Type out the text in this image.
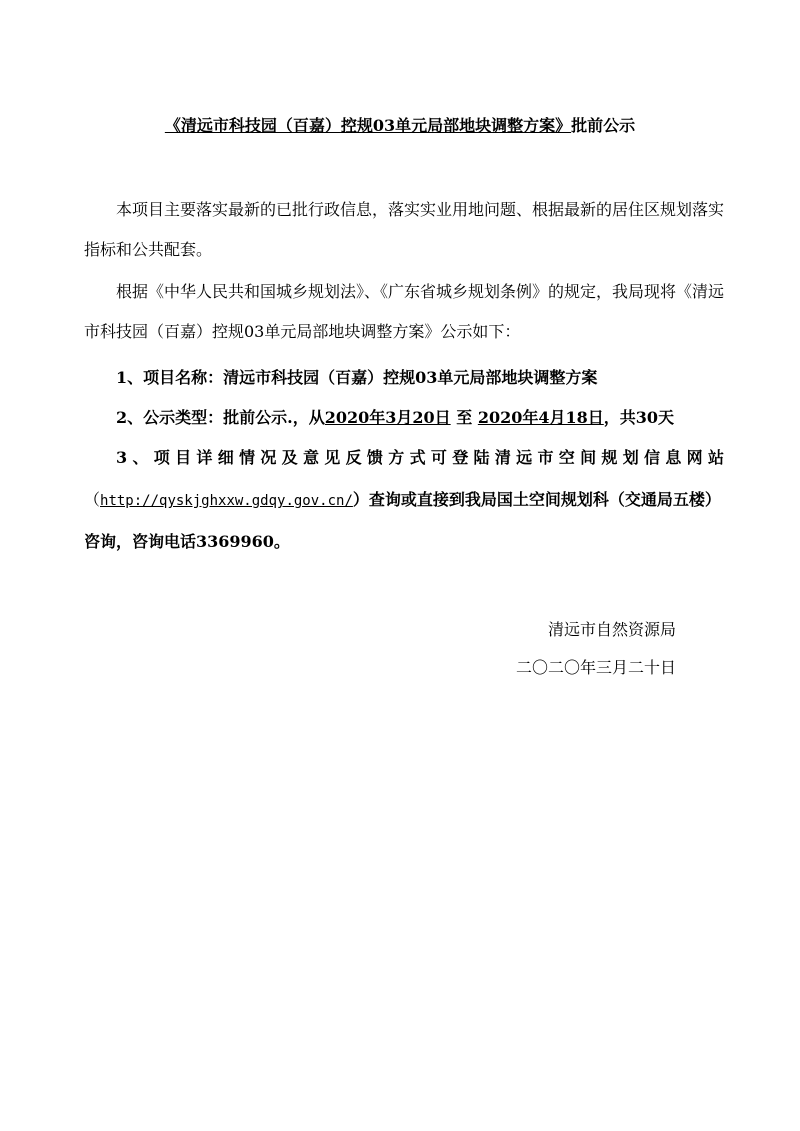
《清远市科技园（百嘉）控规03单元局部地块调整方案》批前公示
本项目主要落实最新的已批行政信息，落实实业用地问题、根据最新的居住区规划落实指标和公共配套。
根据《中华人民共和国城乡规划法》、《广东省城乡规划条例》的规定，我局现将《清远市科技园（百嘉）控规03单元局部地块调整方案》公示如下：
1、项目名称：清远市科技园（百嘉）控规03单元局部地块调整方案
2、公示类型：批前公示.，从2020年3月20日 至 2020年4月18日，共30天
3、项目详细情况及意见反馈方式可登陆清远市空间规划信息网站
（http://qyskjghxxw.gdqy.gov.cn/）查询或直接到我局国土空间规划科（交通局五楼）
咨询，咨询电话3369960。
清远市自然资源局
二〇二〇年三月二十日
